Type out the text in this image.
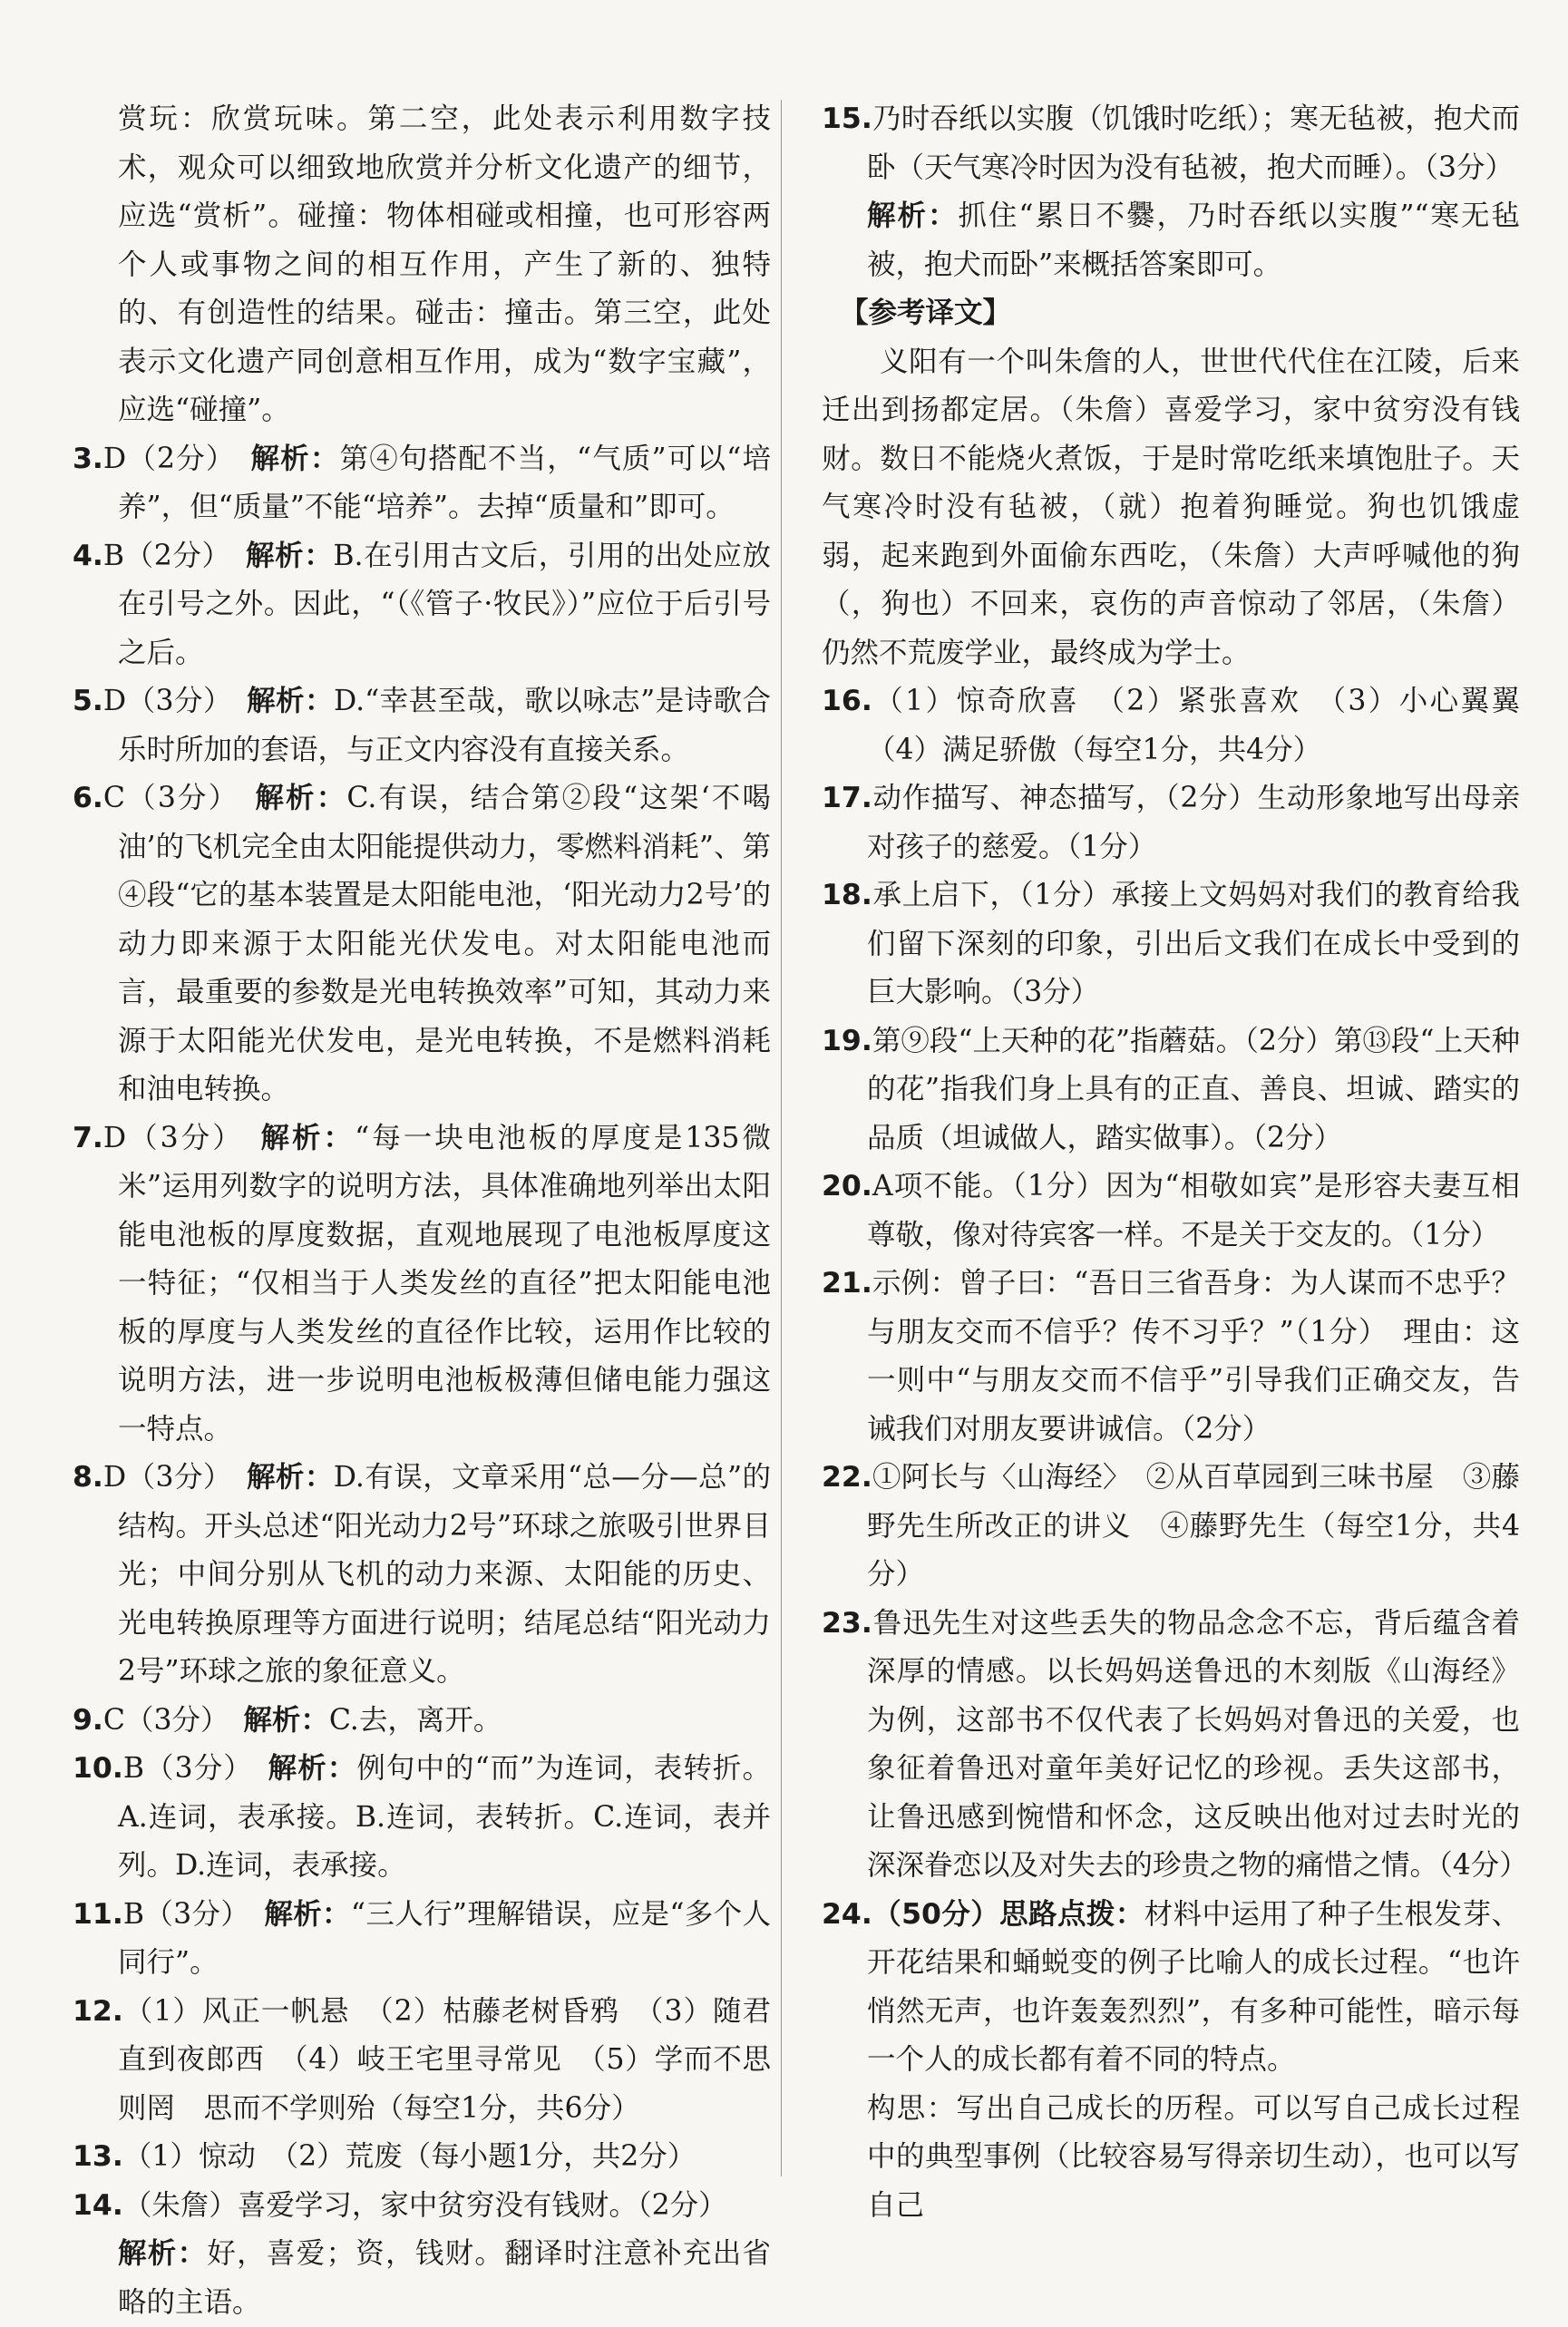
赏玩：欣赏玩味。第二空，此处表示利用数字技术，观众可以细致地欣赏并分析文化遗产的细节，应选“赏析”。碰撞：物体相碰或相撞，也可形容两个人或事物之间的相互作用，产生了新的、独特的、有创造性的结果。碰击：撞击。第三空，此处表示文化遗产同创意相互作用，成为“数字宝藏”，应选“碰撞”。

3.D（2分）　 解析：第④句搭配不当，“气质”可以“培养”，但“质量”不能“培养”。去掉“质量和”即可。

4.B（2分）　 解析：B.在引用古文后，引用的出处应放在引号之外。因此，“（《管子·牧民》）”应位于后引号之后。

5.D（3分）　 解析：D.“幸甚至哉，歌以咏志”是诗歌合乐时所加的套语，与正文内容没有直接关系。

6.C（3分）　 解析：C.有误，结合第②段“这架‘不喝油’的飞机完全由太阳能提供动力，零燃料消耗”、第④段“它的基本装置是太阳能电池，‘阳光动力2号’的动力即来源于太阳能光伏发电。对太阳能电池而言，最重要的参数是光电转换效率”可知，其动力来源于太阳能光伏发电，是光电转换，不是燃料消耗和油电转换。

7.D（3分）　 解析：“每一块电池板的厚度是135微米”运用列数字的说明方法，具体准确地列举出太阳能电池板的厚度数据，直观地展现了电池板厚度这一特征；“仅相当于人类发丝的直径”把太阳能电池板的厚度与人类发丝的直径作比较，运用作比较的说明方法，进一步说明电池板极薄但储电能力强这一特点。

8.D（3分）　 解析：D.有误，文章采用“总—分—总”的结构。开头总述“阳光动力2号”环球之旅吸引世界目光；中间分别从飞机的动力来源、太阳能的历史、光电转换原理等方面进行说明；结尾总结“阳光动力2号”环球之旅的象征意义。

9.C（3分）　 解析：C.去，离开。

10.B（3分）　 解析：例句中的“而”为连词，表转折。A.连词，表承接。B.连词，表转折。C.连词，表并列。D.连词，表承接。

11.B（3分）　 解析：“三人行”理解错误，应是“多个人同行”。

12.（1）风正一帆悬　（2）枯藤老树昏鸦　（3）随君直到夜郎西　（4）岐王宅里寻常见　（5）学而不思则罔　思而不学则殆（每空1分，共6分）

13.（1）惊动　（2）荒废（每小题1分，共2分）

14.（朱詹）喜爱学习，家中贫穷没有钱财。（2分）

解析：好，喜爱；资，钱财。翻译时注意补充出省略的主语。

15.乃时吞纸以实腹（饥饿时吃纸）；寒无毡被，抱犬而卧（天气寒冷时因为没有毡被，抱犬而睡）。（3分）

解析：抓住“累日不爨，乃时吞纸以实腹”“寒无毡被，抱犬而卧”来概括答案即可。

【参考译文】

义阳有一个叫朱詹的人，世世代代住在江陵，后来迁出到扬都定居。（朱詹）喜爱学习，家中贫穷没有钱财。数日不能烧火煮饭，于是时常吃纸来填饱肚子。天气寒冷时没有毡被，（就）抱着狗睡觉。狗也饥饿虚弱，起来跑到外面偷东西吃，（朱詹）大声呼喊他的狗（，狗也）不回来，哀伤的声音惊动了邻居，（朱詹）仍然不荒废学业，最终成为学士。

16.（1）惊奇欣喜　（2）紧张喜欢　（3）小心翼翼　（4）满足骄傲（每空1分，共4分）

17.动作描写、神态描写，（2分）生动形象地写出母亲对孩子的慈爱。（1分）

18.承上启下，（1分）承接上文妈妈对我们的教育给我们留下深刻的印象，引出后文我们在成长中受到的巨大影响。（3分）

19.第⑨段“上天种的花”指蘑菇。（2分）第⑬段“上天种的花”指我们身上具有的正直、善良、坦诚、踏实的品质（坦诚做人，踏实做事）。（2分）

20.A项不能。（1分）因为“相敬如宾”是形容夫妻互相尊敬，像对待宾客一样。不是关于交友的。（1分）

21.示例：曾子曰：“吾日三省吾身：为人谋而不忠乎？与朋友交而不信乎？传不习乎？”（1分）　理由：这一则中“与朋友交而不信乎”引导我们正确交友，告诫我们对朋友要讲诚信。（2分）

22.①阿长与〈山海经〉　②从百草园到三味书屋　③藤野先生所改正的讲义　④藤野先生（每空1分，共4分）

23.鲁迅先生对这些丢失的物品念念不忘，背后蕴含着深厚的情感。以长妈妈送鲁迅的木刻版《山海经》为例，这部书不仅代表了长妈妈对鲁迅的关爱，也象征着鲁迅对童年美好记忆的珍视。丢失这部书，让鲁迅感到惋惜和怀念，这反映出他对过去时光的深深眷恋以及对失去的珍贵之物的痛惜之情。（4分）

24.（50分）思路点拨：材料中运用了种子生根发芽、开花结果和蛹蜕变的例子比喻人的成长过程。“也许悄然无声，也许轰轰烈烈”，有多种可能性，暗示每一个人的成长都有着不同的特点。

构思：写出自己成长的历程。可以写自己成长过程中的典型事例（比较容易写得亲切生动），也可以写自己
